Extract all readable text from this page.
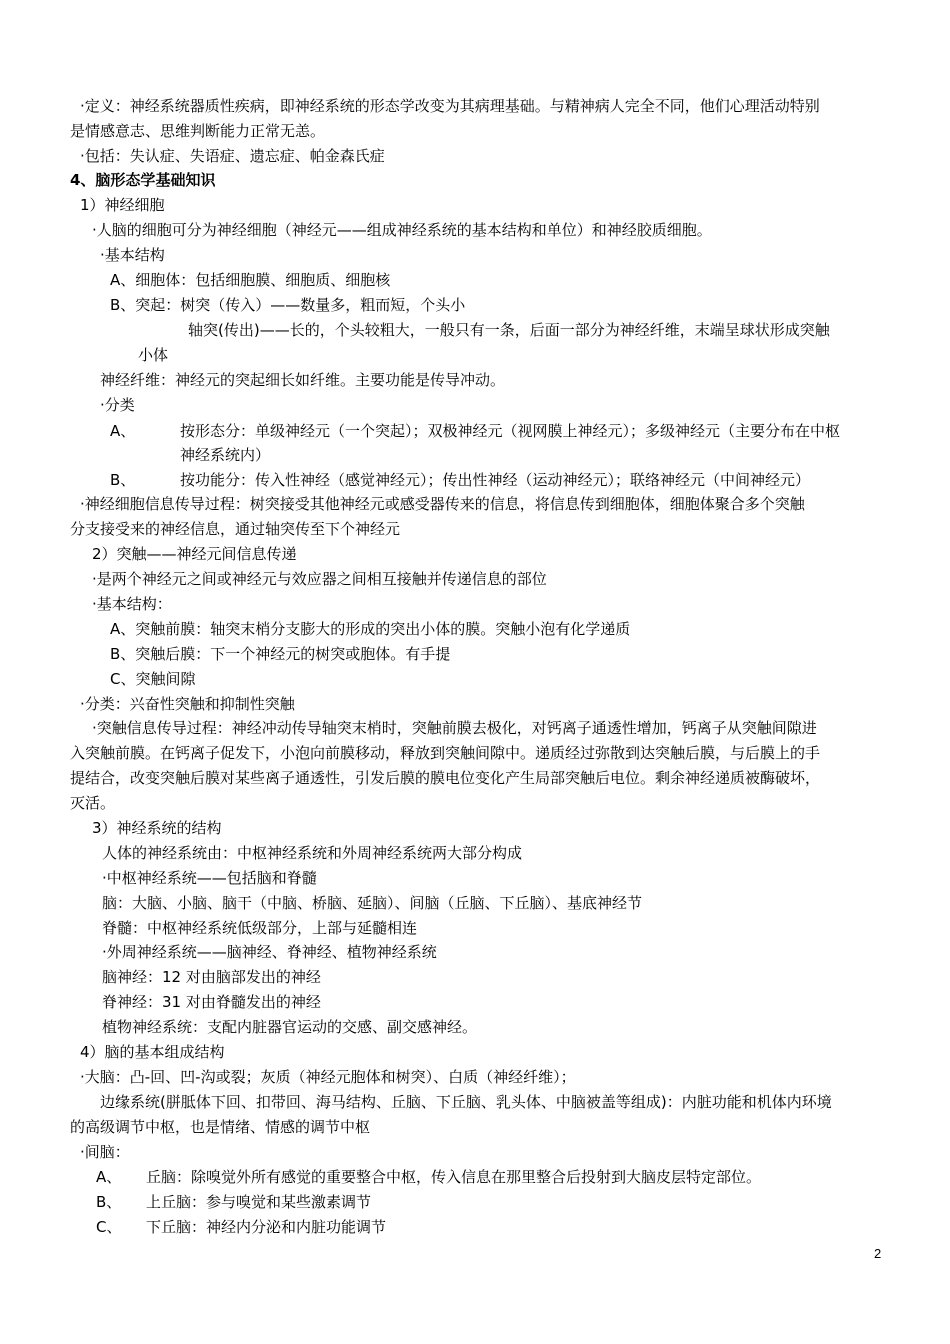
·定义：神经系统器质性疾病，即神经系统的形态学改变为其病理基础。与精神病人完全不同，他们心理活动特别
是情感意志、思维判断能力正常无恙。
·包括：失认症、失语症、遗忘症、帕金森氏症
4、脑形态学基础知识
1）神经细胞
·人脑的细胞可分为神经细胞（神经元——组成神经系统的基本结构和单位）和神经胶质细胞。
·基本结构
A、细胞体：包括细胞膜、细胞质、细胞核
B、突起：树突（传入）——数量多，粗而短，个头小
轴突(传出)——长的，个头较粗大，一般只有一条，后面一部分为神经纤维，末端呈球状形成突触
小体
神经纤维：神经元的突起细长如纤维。主要功能是传导冲动。
·分类
A、	按形态分：单级神经元（一个突起）；双极神经元（视网膜上神经元）；多级神经元（主要分布在中枢
神经系统内）
B、	按功能分：传入性神经（感觉神经元）；传出性神经（运动神经元）；联络神经元（中间神经元）
·神经细胞信息传导过程：树突接受其他神经元或感受器传来的信息，将信息传到细胞体，细胞体聚合多个突触
分支接受来的神经信息，通过轴突传至下个神经元
2）突触——神经元间信息传递
·是两个神经元之间或神经元与效应器之间相互接触并传递信息的部位
·基本结构：
A、突触前膜：轴突末梢分支膨大的形成的突出小体的膜。突触小泡有化学递质
B、突触后膜：下一个神经元的树突或胞体。有手提
C、突触间隙
·分类：兴奋性突触和抑制性突触
·突触信息传导过程：神经冲动传导轴突末梢时，突触前膜去极化，对钙离子通透性增加，钙离子从突触间隙进
入突触前膜。在钙离子促发下，小泡向前膜移动，释放到突触间隙中。递质经过弥散到达突触后膜，与后膜上的手
提结合，改变突触后膜对某些离子通透性，引发后膜的膜电位变化产生局部突触后电位。剩余神经递质被酶破坏，
灭活。
3）神经系统的结构
人体的神经系统由：中枢神经系统和外周神经系统两大部分构成
·中枢神经系统——包括脑和脊髓
脑：大脑、小脑、脑干（中脑、桥脑、延脑）、间脑（丘脑、下丘脑）、基底神经节
脊髓：中枢神经系统低级部分，上部与延髓相连
·外周神经系统——脑神经、脊神经、植物神经系统
脑神经：12 对由脑部发出的神经
脊神经：31 对由脊髓发出的神经
植物神经系统：支配内脏器官运动的交感、副交感神经。
4）脑的基本组成结构
·大脑：凸-回、凹-沟或裂；灰质（神经元胞体和树突）、白质（神经纤维）；
边缘系统(胼胝体下回、扣带回、海马结构、丘脑、下丘脑、乳头体、中脑被盖等组成)：内脏功能和机体内环境
的高级调节中枢，也是情绪、情感的调节中枢
·间脑：
A、 丘脑：除嗅觉外所有感觉的重要整合中枢，传入信息在那里整合后投射到大脑皮层特定部位。
B、 上丘脑：参与嗅觉和某些激素调节
C、 下丘脑：神经内分泌和内脏功能调节
2
